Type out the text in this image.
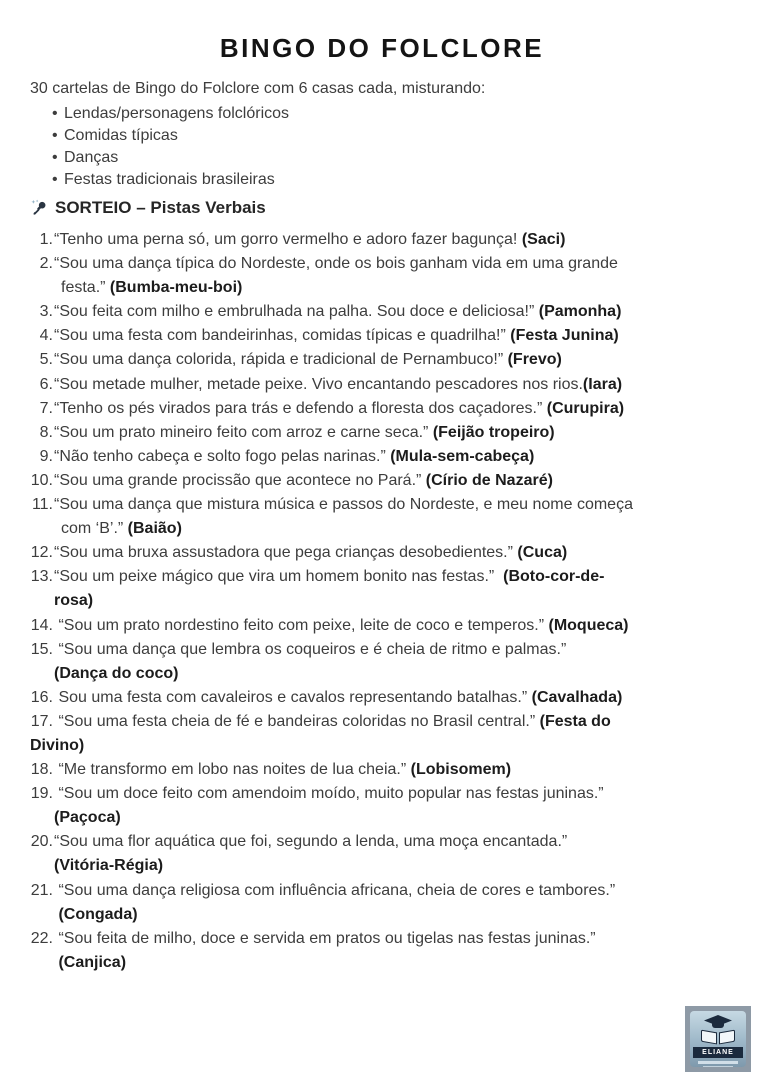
BINGO DO FOLCLORE

30 cartelas de Bingo do Folclore com 6 casas cada, misturando:

• Lendas/personagens folclóricos
• Comidas típicas
• Danças
• Festas tradicionais brasileiras
SORTEIO – Pistas Verbais
1. “Tenho uma perna só, um gorro vermelho e adoro fazer bagunça! (Saci)
2. “Sou uma dança típica do Nordeste, onde os bois ganham vida em uma grande
festa.” (Bumba-meu-boi)
3. “Sou feita com milho e embrulhada na palha. Sou doce e deliciosa!” (Pamonha)
4. “Sou uma festa com bandeirinhas, comidas típicas e quadrilha!” (Festa Junina)
5. “Sou uma dança colorida, rápida e tradicional de Pernambuco!” (Frevo)
6. “Sou metade mulher, metade peixe. Vivo encantando pescadores nos rios.(Iara)
7. “Tenho os pés virados para trás e defendo a floresta dos caçadores.” (Curupira)
8. “Sou um prato mineiro feito com arroz e carne seca.” (Feijão tropeiro)
9. “Não tenho cabeça e solto fogo pelas narinas.” (Mula-sem-cabeça)
10. “Sou uma grande procissão que acontece no Pará.” (Círio de Nazaré)
11. “Sou uma dança que mistura música e passos do Nordeste, e meu nome começa
com ‘B’.” (Baião)
12. “Sou uma bruxa assustadora que pega crianças desobedientes.” (Cuca)
13. “Sou um peixe mágico que vira um homem bonito nas festas.”  (Boto-cor-de-
rosa)
14. “Sou um prato nordestino feito com peixe, leite de coco e temperos.” (Moqueca)
15. “Sou uma dança que lembra os coqueiros e é cheia de ritmo e palmas.”
(Dança do coco)
16. Sou uma festa com cavaleiros e cavalos representando batalhas.” (Cavalhada)
17. “Sou uma festa cheia de fé e bandeiras coloridas no Brasil central.” (Festa do
Divino)
18. “Me transformo em lobo nas noites de lua cheia.” (Lobisomem)
19. “Sou um doce feito com amendoim moído, muito popular nas festas juninas.”
(Paçoca)
20. “Sou uma flor aquática que foi, segundo a lenda, uma moça encantada.”
(Vitória-Régia)
21. “Sou uma dança religiosa com influência africana, cheia de cores e tambores.”
(Congada)
22. “Sou feita de milho, doce e servida em pratos ou tigelas nas festas juninas.”
(Canjica)
ELIANE
